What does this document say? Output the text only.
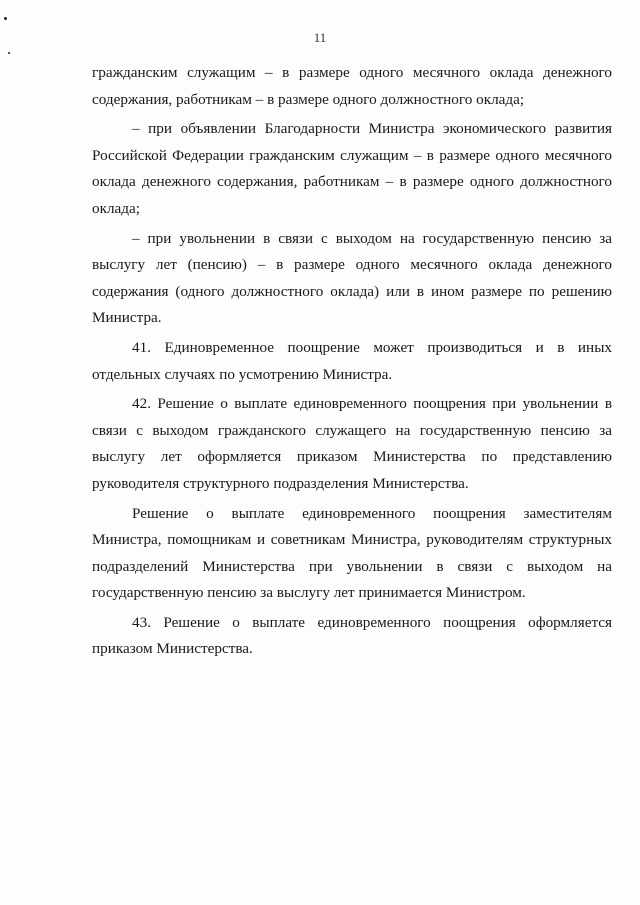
11

гражданским служащим – в размере одного месячного оклада денежного содержания, работникам – в размере одного должностного оклада;

– при объявлении Благодарности Министра экономического развития Российской Федерации гражданским служащим – в размере одного месячного оклада денежного содержания, работникам – в размере одного должностного оклада;

– при увольнении в связи с выходом на государственную пенсию за выслугу лет (пенсию) – в размере одного месячного оклада денежного содержания (одного должностного оклада) или в ином размере по решению Министра.

41. Единовременное поощрение может производиться и в иных отдельных случаях по усмотрению Министра.

42. Решение о выплате единовременного поощрения при увольнении в связи с выходом гражданского служащего на государственную пенсию за выслугу лет оформляется приказом Министерства по представлению руководителя структурного подразделения Министерства.

Решение о выплате единовременного поощрения заместителям Министра, помощникам и советникам Министра, руководителям структурных подразделений Министерства при увольнении в связи с выходом на государственную пенсию за выслугу лет принимается Министром.

43. Решение о выплате единовременного поощрения оформляется приказом Министерства.
